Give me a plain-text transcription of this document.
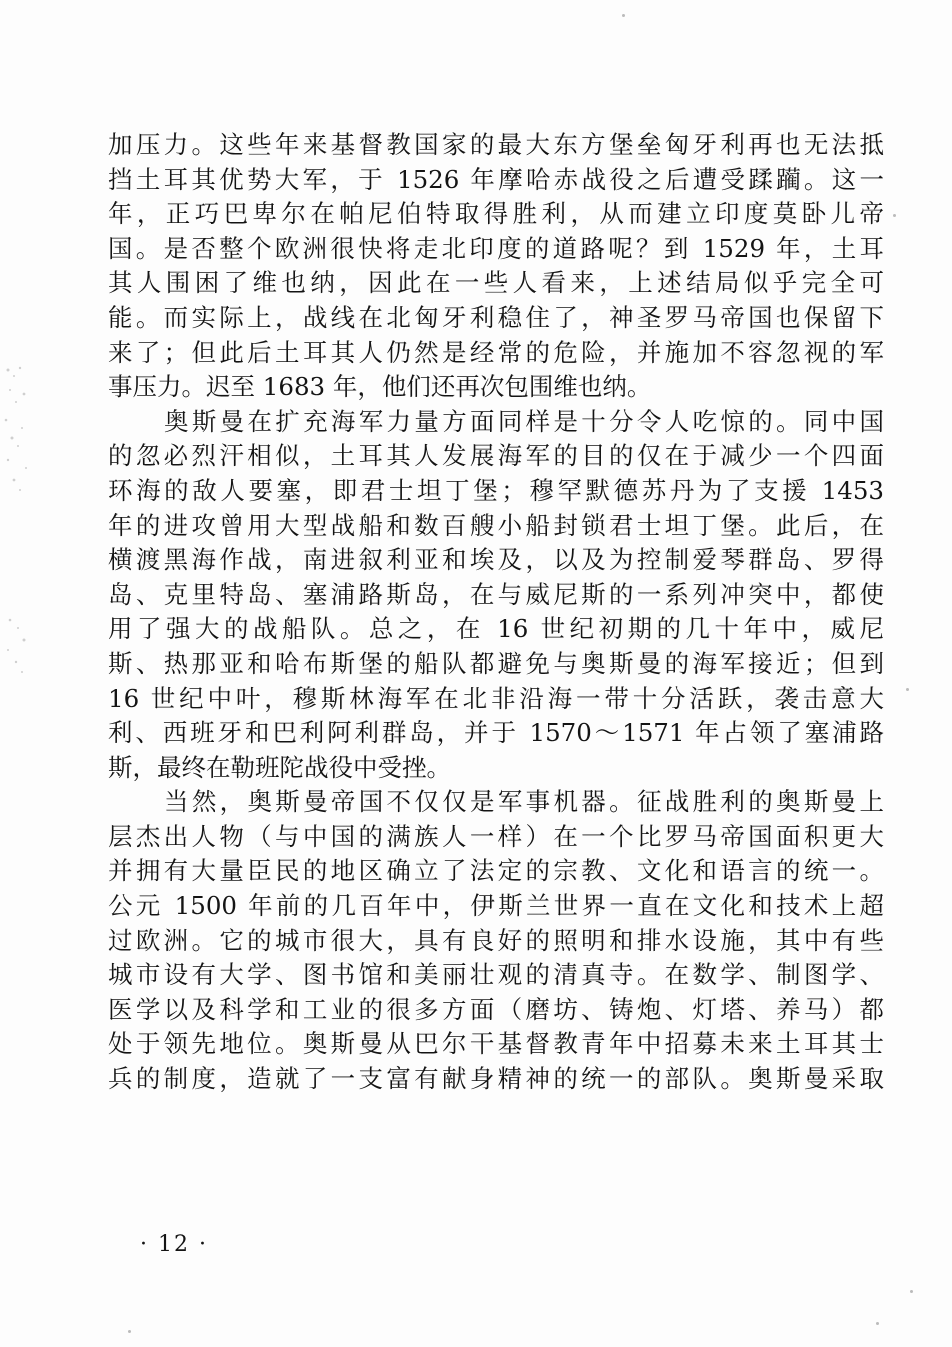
加压力。这些年来基督教国家的最大东方堡垒匈牙利再也无法抵
挡土耳其优势大军，于 1526 年摩哈赤战役之后遭受蹂躏。这一
年，正巧巴卑尔在帕尼伯特取得胜利，从而建立印度莫卧儿帝
国。是否整个欧洲很快将走北印度的道路呢？到 1529 年，土耳
其人围困了维也纳，因此在一些人看来，上述结局似乎完全可
能。而实际上，战线在北匈牙利稳住了，神圣罗马帝国也保留下
来了；但此后土耳其人仍然是经常的危险，并施加不容忽视的军
事压力。迟至 1683 年，他们还再次包围维也纳。
奥斯曼在扩充海军力量方面同样是十分令人吃惊的。同中国
的忽必烈汗相似，土耳其人发展海军的目的仅在于减少一个四面
环海的敌人要塞，即君士坦丁堡；穆罕默德苏丹为了支援 1453
年的进攻曾用大型战船和数百艘小船封锁君士坦丁堡。此后，在
横渡黑海作战，南进叙利亚和埃及，以及为控制爱琴群岛、罗得
岛、克里特岛、塞浦路斯岛，在与威尼斯的一系列冲突中，都使
用了强大的战船队。总之，在 16 世纪初期的几十年中，威尼
斯、热那亚和哈布斯堡的船队都避免与奥斯曼的海军接近；但到
16 世纪中叶，穆斯林海军在北非沿海一带十分活跃，袭击意大
利、西班牙和巴利阿利群岛，并于 1570～1571 年占领了塞浦路
斯，最终在勒班陀战役中受挫。
当然，奥斯曼帝国不仅仅是军事机器。征战胜利的奥斯曼上
层杰出人物（与中国的满族人一样）在一个比罗马帝国面积更大
并拥有大量臣民的地区确立了法定的宗教、文化和语言的统一。
公元 1500 年前的几百年中，伊斯兰世界一直在文化和技术上超
过欧洲。它的城市很大，具有良好的照明和排水设施，其中有些
城市设有大学、图书馆和美丽壮观的清真寺。在数学、制图学、
医学以及科学和工业的很多方面（磨坊、铸炮、灯塔、养马）都
处于领先地位。奥斯曼从巴尔干基督教青年中招募未来土耳其士
兵的制度，造就了一支富有献身精神的统一的部队。奥斯曼采取
· 12 ·
